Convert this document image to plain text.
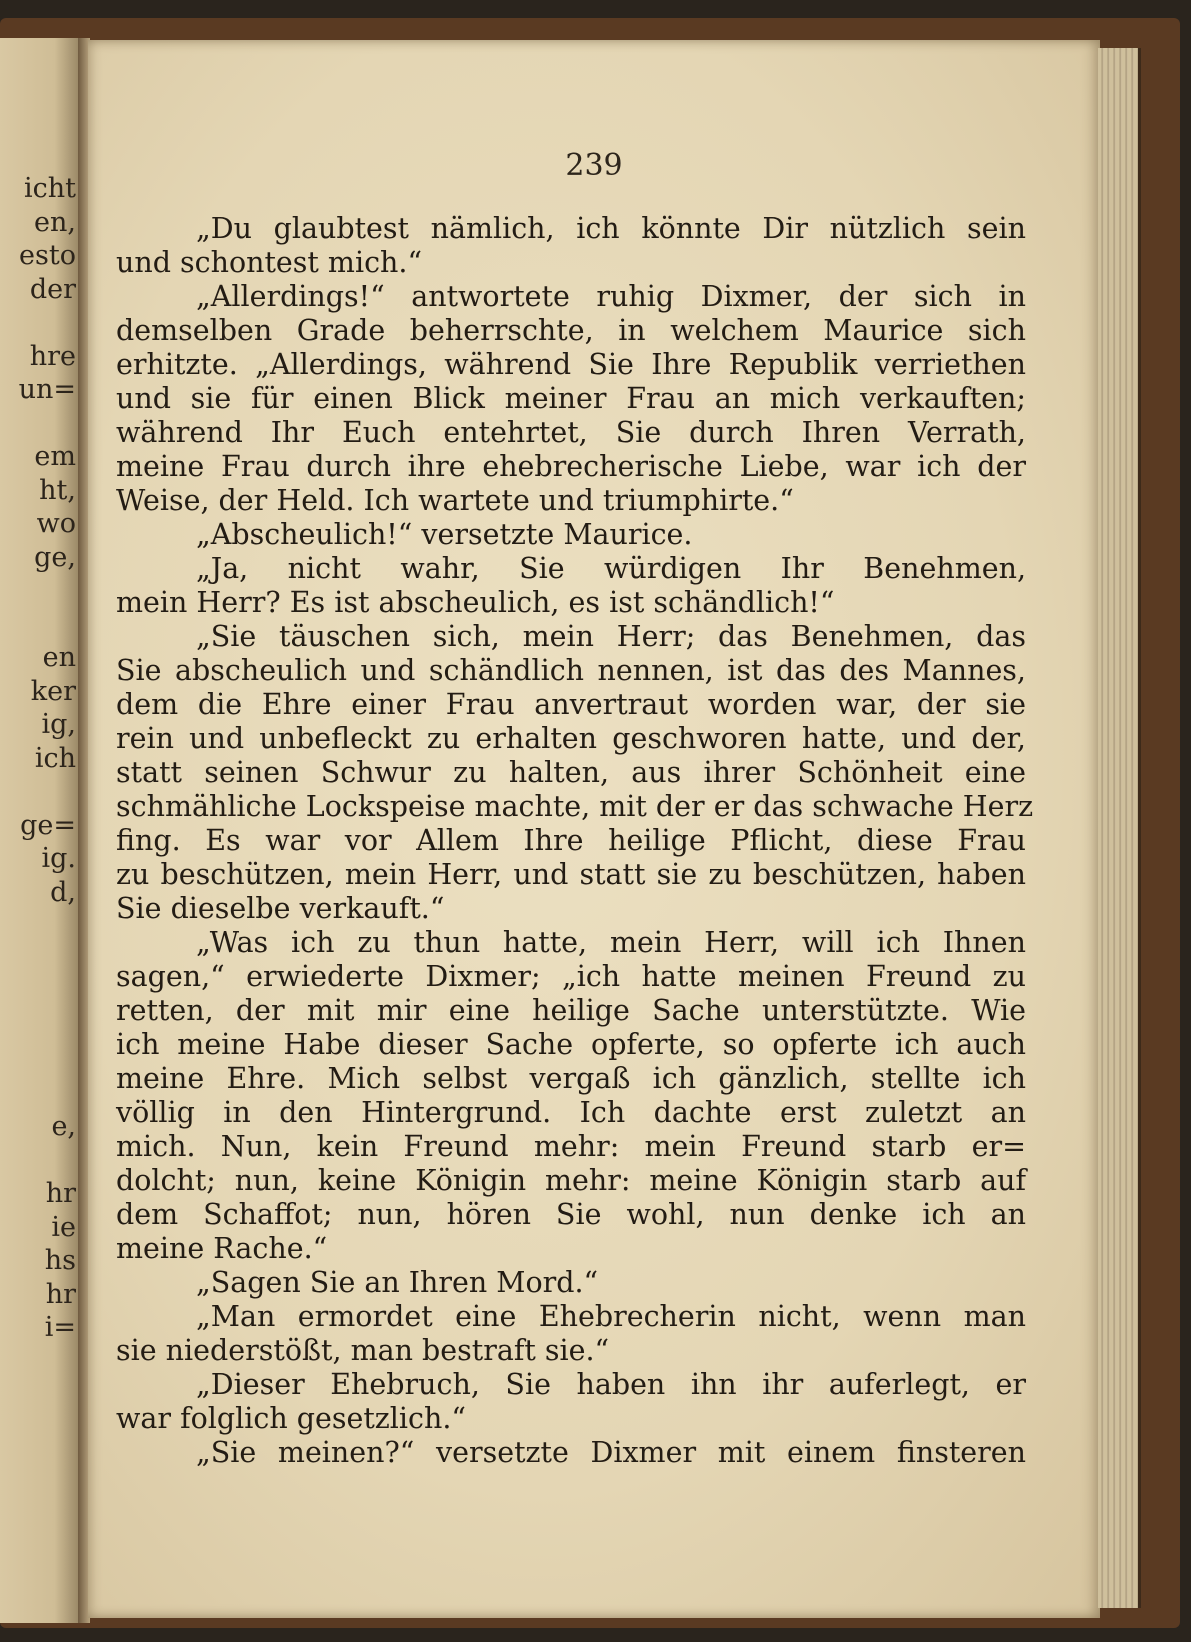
icht
en,
esto
der
hre
un=
em
ht,
wo
ge,
en
ker
ig,
ich
ge=
ig.
d,
e,
hr
ie
hs
hr
i=
239
„Du glaubtest nämlich, ich könnte Dir nützlich sein
und schontest mich.“
„Allerdings!“ antwortete ruhig Dixmer, der sich in
demselben Grade beherrschte, in welchem Maurice sich
erhitzte. „Allerdings, während Sie Ihre Republik verriethen
und sie für einen Blick meiner Frau an mich verkauften;
während Ihr Euch entehrtet, Sie durch Ihren Verrath,
meine Frau durch ihre ehebrecherische Liebe, war ich der
Weise, der Held. Ich wartete und triumphirte.“
„Abscheulich!“ versetzte Maurice.
„Ja, nicht wahr, Sie würdigen Ihr Benehmen,
mein Herr? Es ist abscheulich, es ist schändlich!“
„Sie täuschen sich, mein Herr; das Benehmen, das
Sie abscheulich und schändlich nennen, ist das des Mannes,
dem die Ehre einer Frau anvertraut worden war, der sie
rein und unbefleckt zu erhalten geschworen hatte, und der,
statt seinen Schwur zu halten, aus ihrer Schönheit eine
schmähliche Lockspeise machte, mit der er das schwache Herz
fing. Es war vor Allem Ihre heilige Pflicht, diese Frau
zu beschützen, mein Herr, und statt sie zu beschützen, haben
Sie dieselbe verkauft.“
„Was ich zu thun hatte, mein Herr, will ich Ihnen
sagen,“ erwiederte Dixmer; „ich hatte meinen Freund zu
retten, der mit mir eine heilige Sache unterstützte. Wie
ich meine Habe dieser Sache opferte, so opferte ich auch
meine Ehre. Mich selbst vergaß ich gänzlich, stellte ich
völlig in den Hintergrund. Ich dachte erst zuletzt an
mich. Nun, kein Freund mehr: mein Freund starb er=
dolcht; nun, keine Königin mehr: meine Königin starb auf
dem Schaffot; nun, hören Sie wohl, nun denke ich an
meine Rache.“
„Sagen Sie an Ihren Mord.“
„Man ermordet eine Ehebrecherin nicht, wenn man
sie niederstößt, man bestraft sie.“
„Dieser Ehebruch, Sie haben ihn ihr auferlegt, er
war folglich gesetzlich.“
„Sie meinen?“ versetzte Dixmer mit einem finsteren
